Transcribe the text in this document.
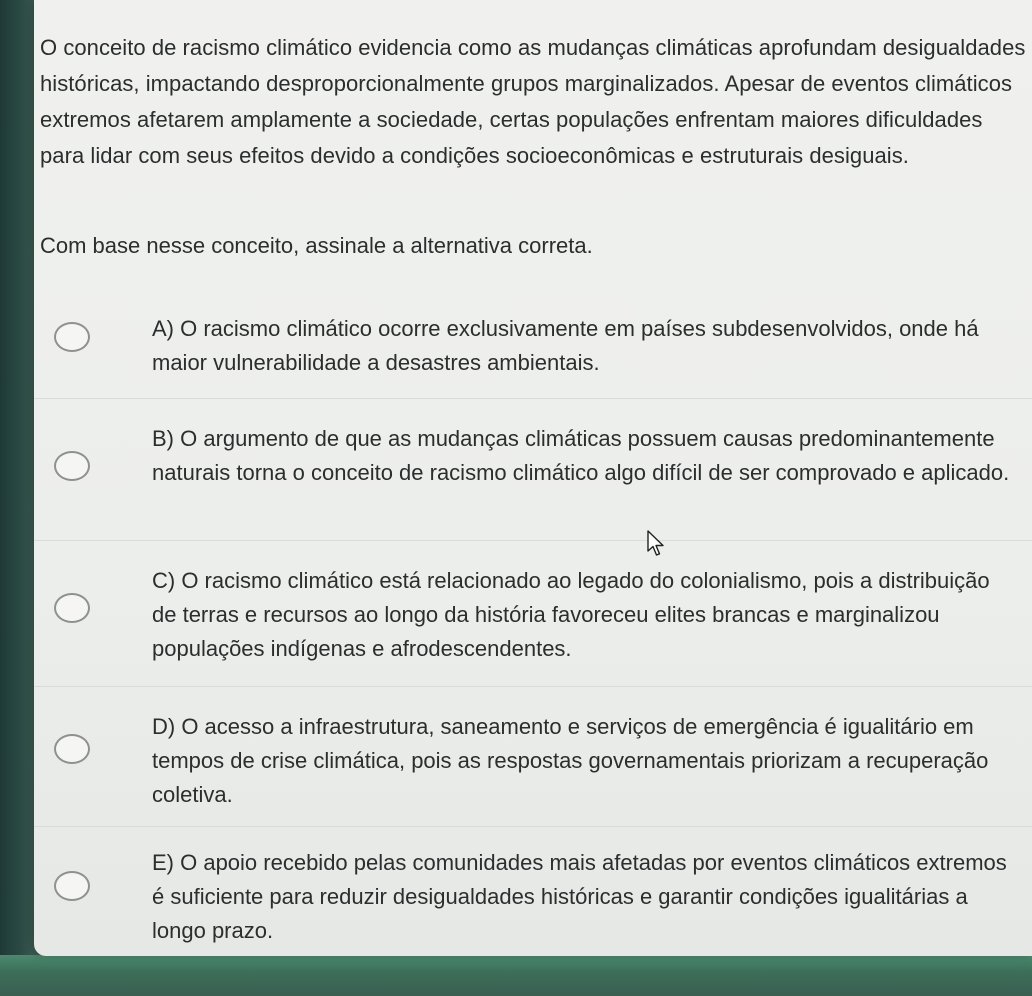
O conceito de racismo climático evidencia como as mudanças climáticas aprofundam desigualdades históricas, impactando desproporcionalmente grupos marginalizados. Apesar de eventos climáticos extremos afetarem amplamente a sociedade, certas populações enfrentam maiores dificuldades para lidar com seus efeitos devido a condições socioeconômicas e estruturais desiguais.

Com base nesse conceito, assinale a alternativa correta.

A) O racismo climático ocorre exclusivamente em países subdesenvolvidos, onde há maior vulnerabilidade a desastres ambientais.
B) O argumento de que as mudanças climáticas possuem causas predominantemente naturais torna o conceito de racismo climático algo difícil de ser comprovado e aplicado.
C) O racismo climático está relacionado ao legado do colonialismo, pois a distribuição de terras e recursos ao longo da história favoreceu elites brancas e marginalizou populações indígenas e afrodescendentes.
D) O acesso a infraestrutura, saneamento e serviços de emergência é igualitário em tempos de crise climática, pois as respostas governamentais priorizam a recuperação coletiva.
E) O apoio recebido pelas comunidades mais afetadas por eventos climáticos extremos é suficiente para reduzir desigualdades históricas e garantir condições igualitárias a longo prazo.
